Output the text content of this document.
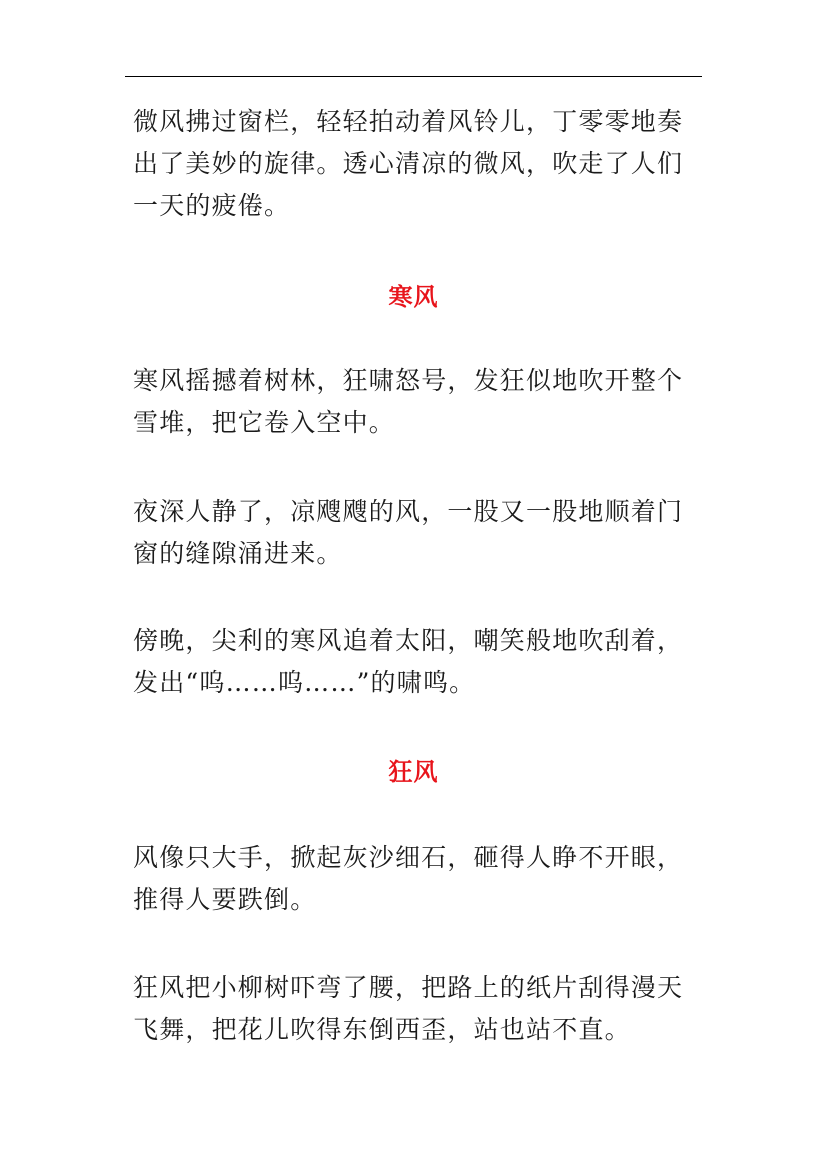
微风拂过窗栏，轻轻拍动着风铃儿，丁零零地奏出了美妙的旋律。透心清凉的微风，吹走了人们一天的疲倦。

寒风

寒风摇撼着树林，狂啸怒号，发狂似地吹开整个雪堆，把它卷入空中。

夜深人静了，凉飕飕的风，一股又一股地顺着门窗的缝隙涌进来。

傍晚，尖利的寒风追着太阳，嘲笑般地吹刮着，发出“呜……呜……”的啸鸣。

狂风

风像只大手，掀起灰沙细石，砸得人睁不开眼，推得人要跌倒。

狂风把小柳树吓弯了腰，把路上的纸片刮得漫天飞舞，把花儿吹得东倒西歪，站也站不直。
